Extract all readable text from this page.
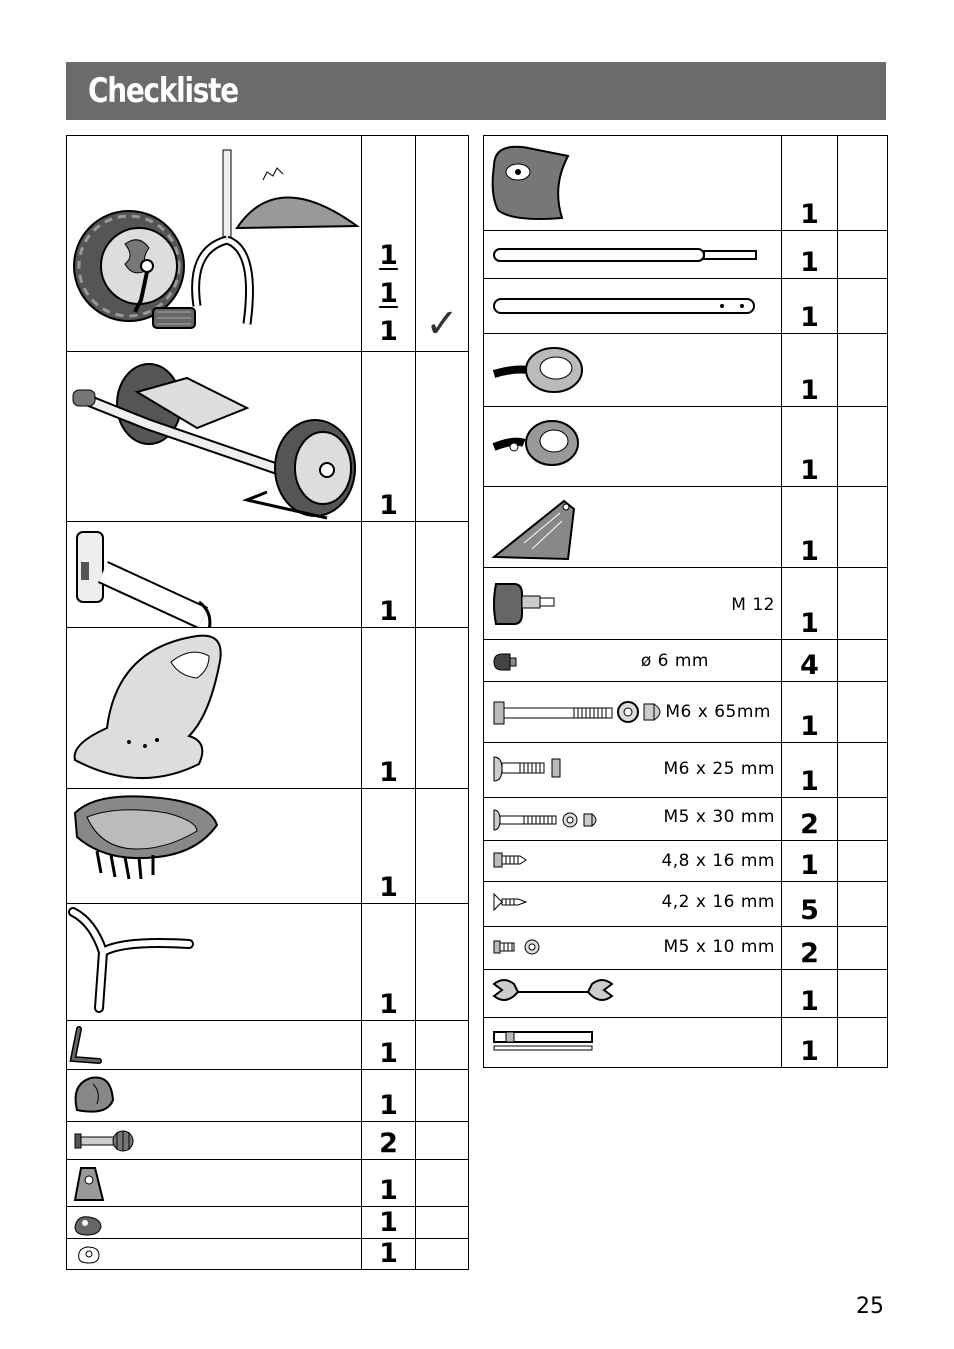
Checkliste

1
1
1	✓

	1	

	1	

	1	

	1	

	1	

	1	

	1	

	2	

	1	

	1	

	1	
	1	

	1	

	1	

	1	

	1	

	1	

M 12	1	

ø 6 mm	4	

M6 x 65mm	1	

M6 x 25 mm	1	

M5 x 30 mm	2	

4,8 x 16 mm	1	

4,2 x 16 mm	5	

M5 x 10 mm	2	

	1	

	1	
25
